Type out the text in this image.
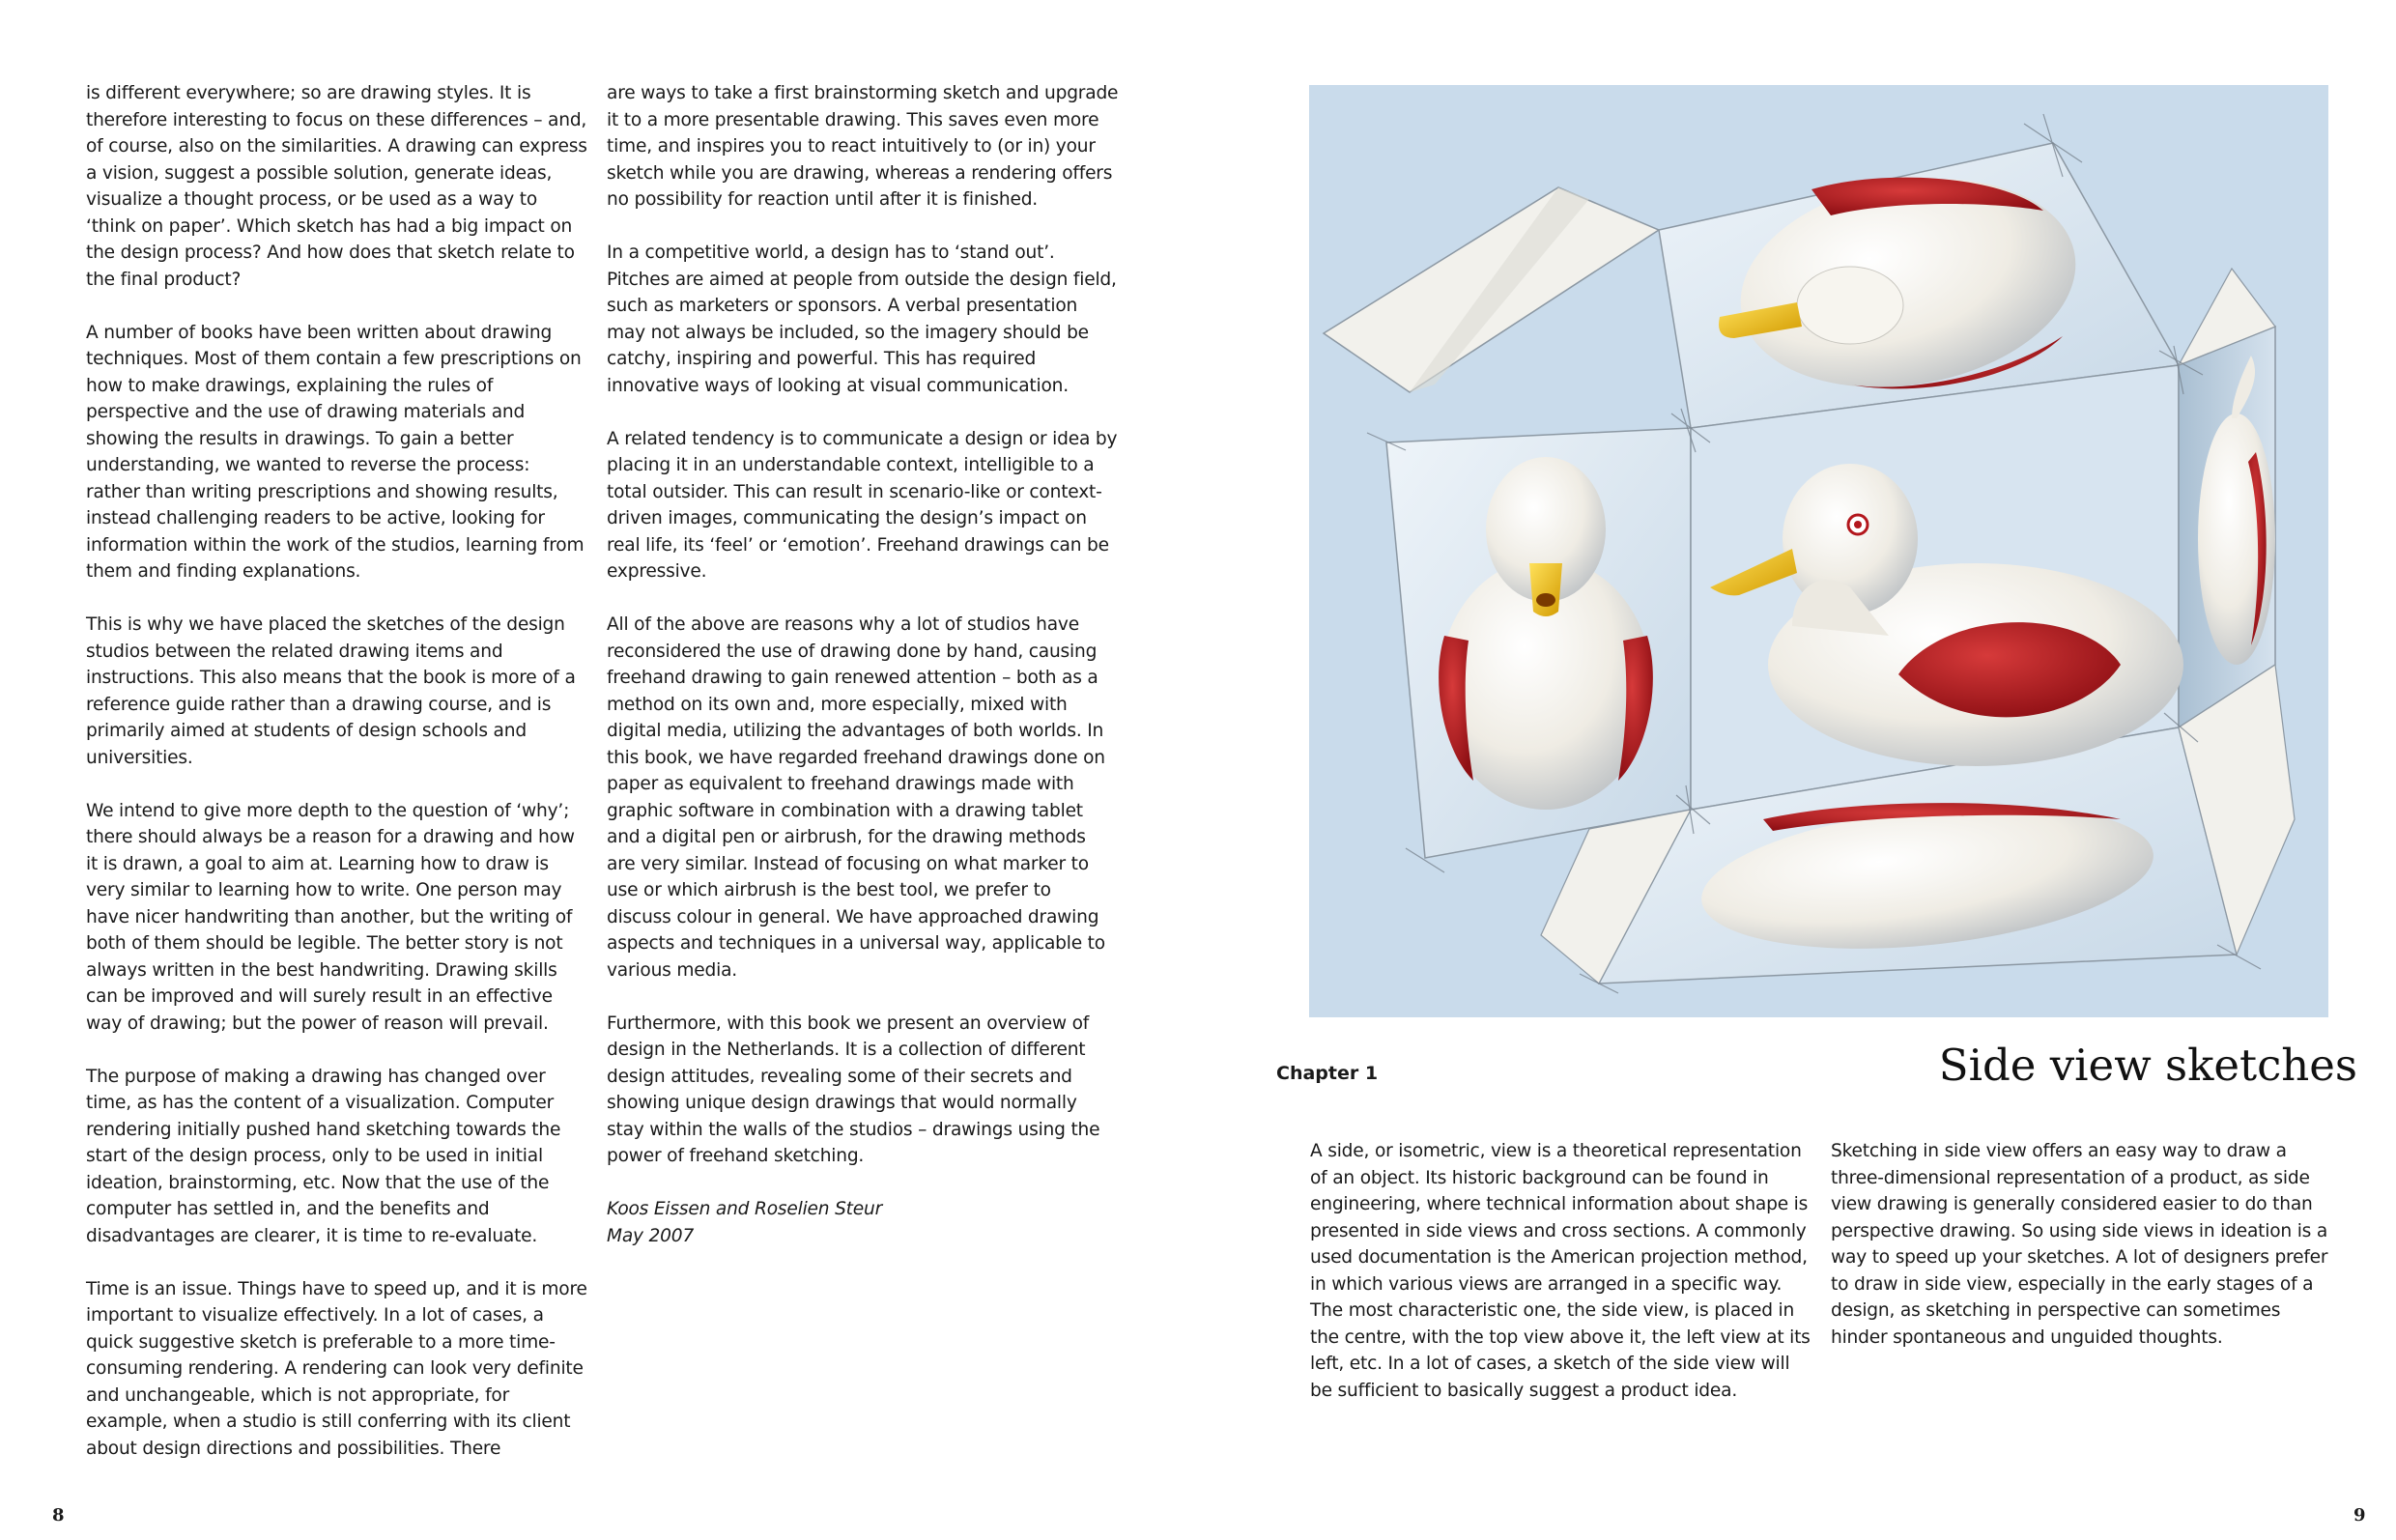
is different everywhere; so are drawing styles. It is therefore interesting to focus on these differences – and, of course, also on the similarities. A drawing can express a vision, suggest a possible solution, generate ideas, visualize a thought process, or be used as a way to ‘think on paper’. Which sketch has had a big impact on the design process? And how does that sketch relate to the final product?

A number of books have been written about drawing techniques. Most of them contain a few prescriptions on how to make drawings, explaining the rules of perspective and the use of drawing materials and showing the results in drawings. To gain a better understanding, we wanted to reverse the process: rather than writing prescriptions and showing results, instead challenging readers to be active, looking for information within the work of the studios, learning from them and finding explanations.

This is why we have placed the sketches of the design studios between the related drawing items and instructions. This also means that the book is more of a reference guide rather than a drawing course, and is primarily aimed at students of design schools and universities.

We intend to give more depth to the question of ‘why’; there should always be a reason for a drawing and how it is drawn, a goal to aim at. Learning how to draw is very similar to learning how to write. One person may have nicer handwriting than another, but the writing of both of them should be legible. The better story is not always written in the best handwriting. Drawing skills can be improved and will surely result in an effective way of drawing; but the power of reason will prevail.

The purpose of making a drawing has changed over time, as has the content of a visualization. Computer rendering initially pushed hand sketching towards the start of the design process, only to be used in initial ideation, brainstorming, etc. Now that the use of the computer has settled in, and the benefits and disadvantages are clearer, it is time to re-evaluate.

Time is an issue. Things have to speed up, and it is more important to visualize effectively. In a lot of cases, a quick suggestive sketch is preferable to a more time-consuming rendering. A rendering can look very definite and unchangeable, which is not appropriate, for example, when a studio is still conferring with its client about design directions and possibilities. There

are ways to take a first brainstorming sketch and upgrade it to a more presentable drawing. This saves even more time, and inspires you to react intuitively to (or in) your sketch while you are drawing, whereas a rendering offers no possibility for reaction until after it is finished.

In a competitive world, a design has to ‘stand out’. Pitches are aimed at people from outside the design field, such as marketers or sponsors. A verbal presentation may not always be included, so the imagery should be catchy, inspiring and powerful. This has required innovative ways of looking at visual communication.

A related tendency is to communicate a design or idea by placing it in an understandable context, intelligible to a total outsider. This can result in scenario-like or context-driven images, communicating the design’s impact on real life, its ‘feel’ or ‘emotion’. Freehand drawings can be expressive.

All of the above are reasons why a lot of studios have reconsidered the use of drawing done by hand, causing freehand drawing to gain renewed attention – both as a method on its own and, more especially, mixed with digital media, utilizing the advantages of both worlds. In this book, we have regarded freehand drawings done on paper as equivalent to freehand drawings made with graphic software in combination with a drawing tablet and a digital pen or airbrush, for the drawing methods are very similar. Instead of focusing on what marker to use or which airbrush is the best tool, we prefer to discuss colour in general. We have approached drawing aspects and techniques in a universal way, applicable to various media.

Furthermore, with this book we present an overview of design in the Netherlands. It is a collection of different design attitudes, revealing some of their secrets and showing unique design drawings that would normally stay within the walls of the studios – drawings using the power of freehand sketching.

Koos Eissen and Roselien Steur
May 2007
8
Chapter 1	Side view sketches

A side, or isometric, view is a theoretical representation of an object. Its historic background can be found in engineering, where technical information about shape is presented in side views and cross sections. A commonly used documentation is the American projection method, in which various views are arranged in a specific way. The most characteristic one, the side view, is placed in the centre, with the top view above it, the left view at its left, etc. In a lot of cases, a sketch of the side view will be sufficient to basically suggest a product idea.

Sketching in side view offers an easy way to draw a three-dimensional representation of a product, as side view drawing is generally considered easier to do than perspective drawing. So using side views in ideation is a way to speed up your sketches. A lot of designers prefer to draw in side view, especially in the early stages of a design, as sketching in perspective can sometimes hinder spontaneous and unguided thoughts.

9
